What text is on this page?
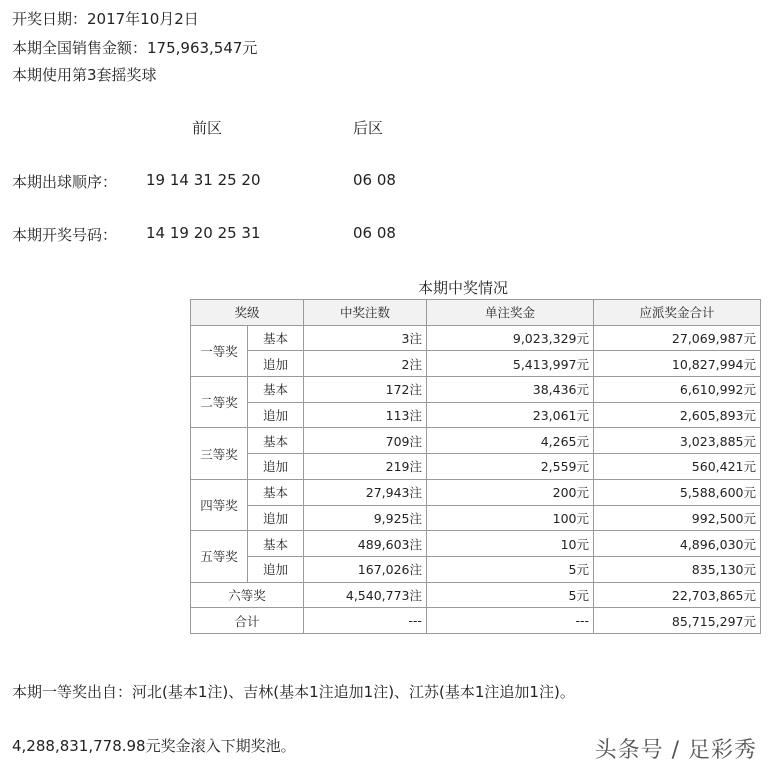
开奖日期：2017年10月2日
本期全国销售金额：175,963,547元
本期使用第3套摇奖球
前区	后区
本期出球顺序： 19 14 31 25 20	06 08
本期开奖号码： 14 19 20 25 31	06 08
本期中奖情况
奖级		中奖注数	单注奖金	应派奖金合计
一等奖	基本	3注	9,023,329元	27,069,987元
	追加	2注	5,413,997元	10,827,994元
二等奖	基本	172注	38,436元	6,610,992元
	追加	113注	23,061元	2,605,893元
三等奖	基本	709注	4,265元	3,023,885元
	追加	219注	2,559元	560,421元
四等奖	基本	27,943注	200元	5,588,600元
	追加	9,925注	100元	992,500元
五等奖	基本	489,603注	10元	4,896,030元
	追加	167,026注	5元	835,130元
六等奖		4,540,773注	5元	22,703,865元
合计		---	---	85,715,297元
本期一等奖出自：河北(基本1注)、吉林(基本1注追加1注)、江苏(基本1注追加1注)。
4,288,831,778.98元奖金滚入下期奖池。	头条号 / 足彩秀
